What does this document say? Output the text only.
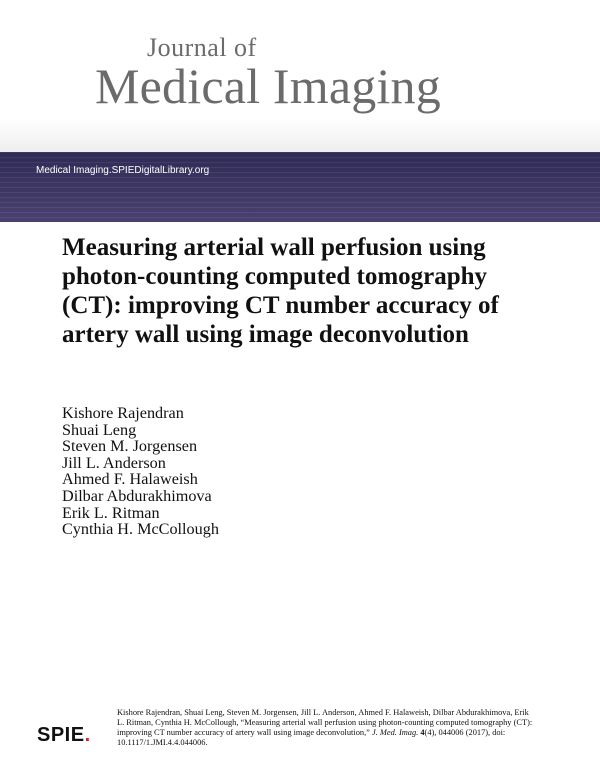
Journal of
Medical Imaging
Medical Imaging.SPIEDigitalLibrary.org
Measuring arterial wall perfusion using photon-counting computed tomography (CT): improving CT number accuracy of artery wall using image deconvolution
Kishore Rajendran
Shuai Leng
Steven M. Jorgensen
Jill L. Anderson
Ahmed F. Halaweish
Dilbar Abdurakhimova
Erik L. Ritman
Cynthia H. McCollough
SPIE.

Kishore Rajendran, Shuai Leng, Steven M. Jorgensen, Jill L. Anderson, Ahmed F. Halaweish, Dilbar Abdurakhimova, Erik L. Ritman, Cynthia H. McCollough, “Measuring arterial wall perfusion using photon-counting computed tomography (CT): improving CT number accuracy of artery wall using image deconvolution,” J. Med. Imag. 4(4), 044006 (2017), doi: 10.1117/1.JMI.4.4.044006.
